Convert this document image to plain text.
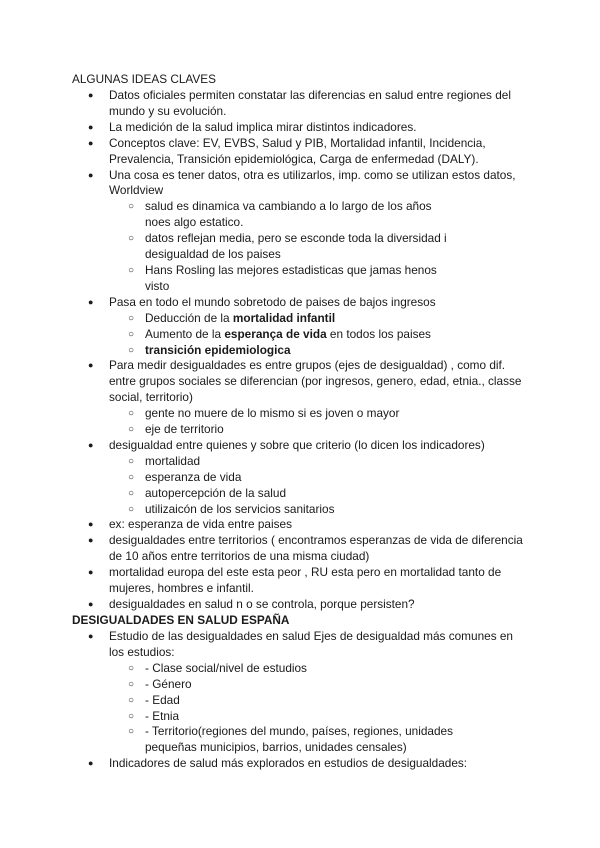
ALGUNAS IDEAS CLAVES
● Datos oficiales permiten constatar las diferencias en salud entre regiones del mundo y su evolución.
● La medición de la salud implica mirar distintos indicadores.
● Conceptos clave: EV, EVBS, Salud y PIB, Mortalidad infantil, Incidencia, Prevalencia, Transición epidemiológica, Carga de enfermedad (DALY).
● Una cosa es tener datos, otra es utilizarlos, imp. como se utilizan estos datos, Worldview
○ salud es dinamica va cambiando a lo largo de los años noes algo estatico.
○ datos reflejan media, pero se esconde toda la diversidad i desigualdad de los paises
○ Hans Rosling las mejores estadisticas que jamas henos visto
● Pasa en todo el mundo sobretodo de paises de bajos ingresos
○ Deducción de la mortalidad infantil
○ Aumento de la esperança de vida en todos los paises
○ transición epidemiologica
● Para medir desigualdades es entre grupos (ejes de desigualdad) , como dif. entre grupos sociales se diferencian (por ingresos, genero, edad, etnia., classe social, territorio)
○ gente no muere de lo mismo si es joven o mayor
○ eje de territorio
● desigualdad entre quienes y sobre que criterio (lo dicen los indicadores)
○ mortalidad
○ esperanza de vida
○ autopercepción de la salud
○ utilizaicón de los servicios sanitarios
● ex: esperanza de vida entre paises
● desigualdades entre territorios ( encontramos esperanzas de vida de diferencia de 10 años entre territorios de una misma ciudad)
● mortalidad europa del este esta peor , RU esta pero en mortalidad tanto de mujeres, hombres e infantil.
● desigualdades en salud n o se controla, porque persisten?
DESIGUALDADES EN SALUD ESPAÑA
● Estudio de las desigualdades en salud Ejes de desigualdad más comunes en los estudios:
○ - Clase social/nivel de estudios
○ - Género
○ - Edad
○ - Etnia
○ - Territorio(regiones del mundo, países, regiones, unidades pequeñas municipios, barrios, unidades censales)
● Indicadores de salud más explorados en estudios de desigualdades:
